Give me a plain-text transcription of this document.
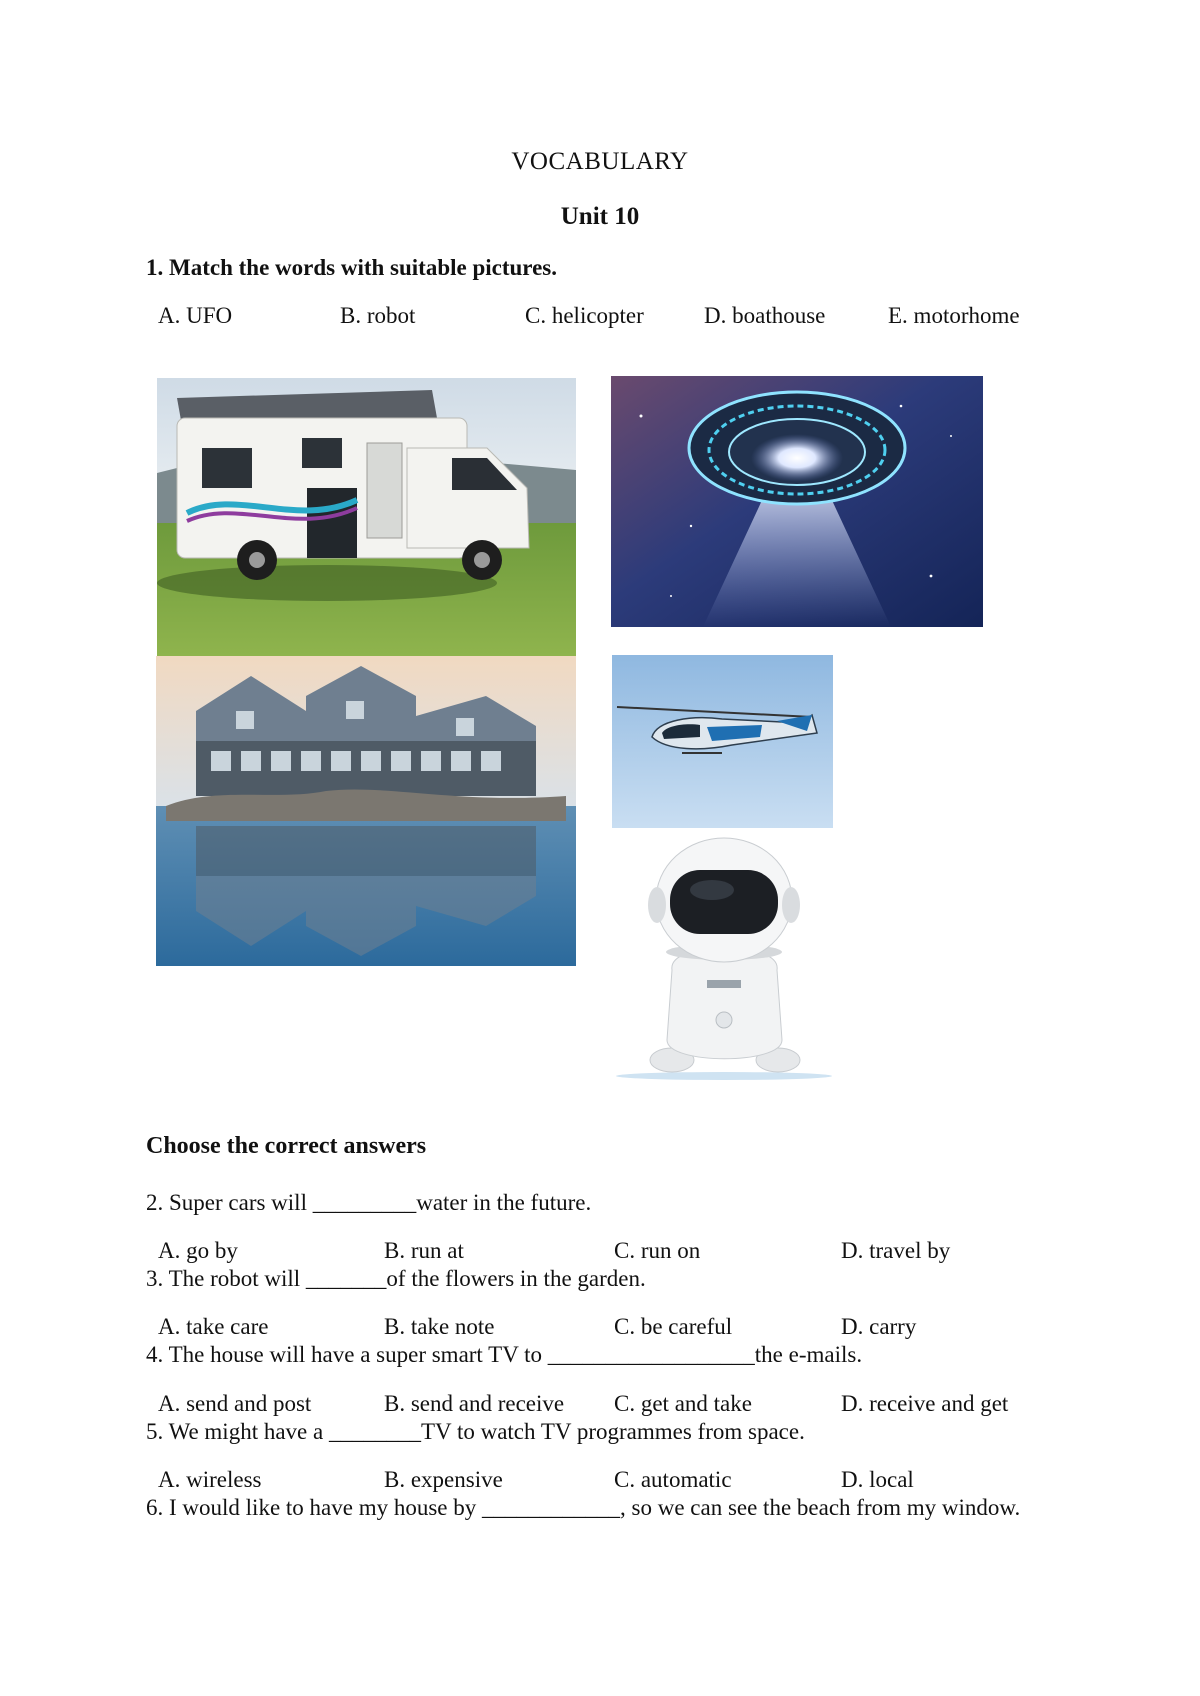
VOCABULARY
Unit 10
1. Match the words with suitable pictures.
A. UFO	B. robot	C. helicopter	D. boathouse	E. motorhome
Choose the correct answers
2. Super cars will _________water in the future.
A. go by	B. run at	C. run on	D. travel by
3. The robot will _______of the flowers in the garden.
A. take care	B. take note	C. be careful	D. carry
4. The house will have a super smart TV to __________________the e-mails.
A. send and post	B. send and receive C. get and take	D. receive and get
5. We might have a ________TV to watch TV programmes from space.
A. wireless	B. expensive	C. automatic	D. local
6. I would like to have my house by ____________, so we can see the beach from my window.
